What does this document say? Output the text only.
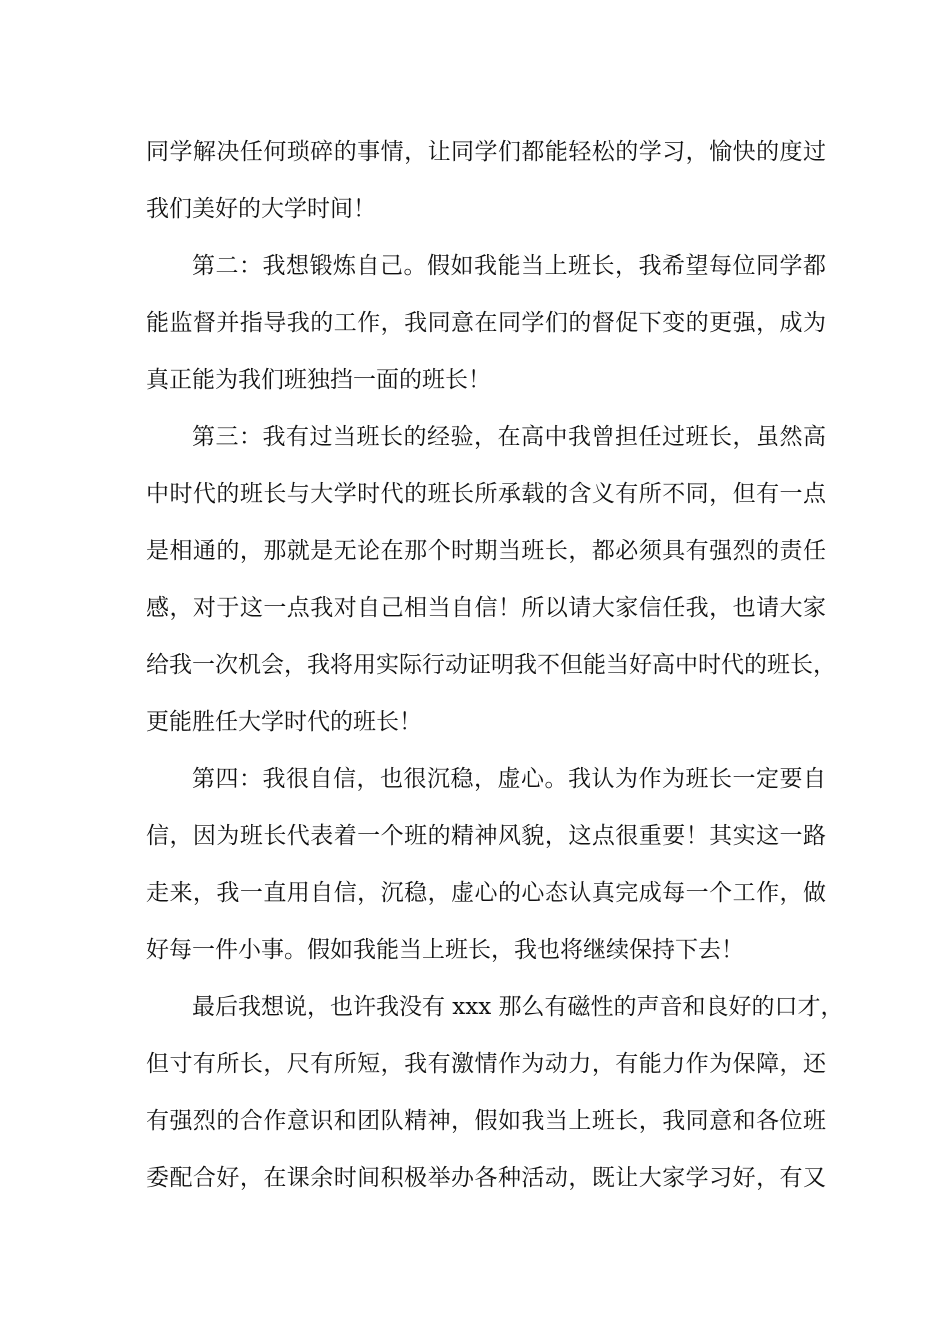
同学解决任何琐碎的事情，让同学们都能轻松的学习，愉快的度过
我们美好的大学时间！
第二：我想锻炼自己。假如我能当上班长，我希望每位同学都
能监督并指导我的工作，我同意在同学们的督促下变的更强，成为
真正能为我们班独挡一面的班长！
第三：我有过当班长的经验，在高中我曾担任过班长，虽然高
中时代的班长与大学时代的班长所承载的含义有所不同，但有一点
是相通的，那就是无论在那个时期当班长，都必须具有强烈的责任
感，对于这一点我对自己相当自信！所以请大家信任我，也请大家
给我一次机会，我将用实际行动证明我不但能当好高中时代的班长，
更能胜任大学时代的班长！
第四：我很自信，也很沉稳，虚心。我认为作为班长一定要自
信，因为班长代表着一个班的精神风貌，这点很重要！其实这一路
走来，我一直用自信，沉稳，虚心的心态认真完成每一个工作，做
好每一件小事。假如我能当上班长，我也将继续保持下去！
最后我想说，也许我没有 xxx 那么有磁性的声音和良好的口才，
但寸有所长，尺有所短，我有激情作为动力，有能力作为保障，还
有强烈的合作意识和团队精神，假如我当上班长，我同意和各位班
委配合好，在课余时间积极举办各种活动，既让大家学习好，有又
